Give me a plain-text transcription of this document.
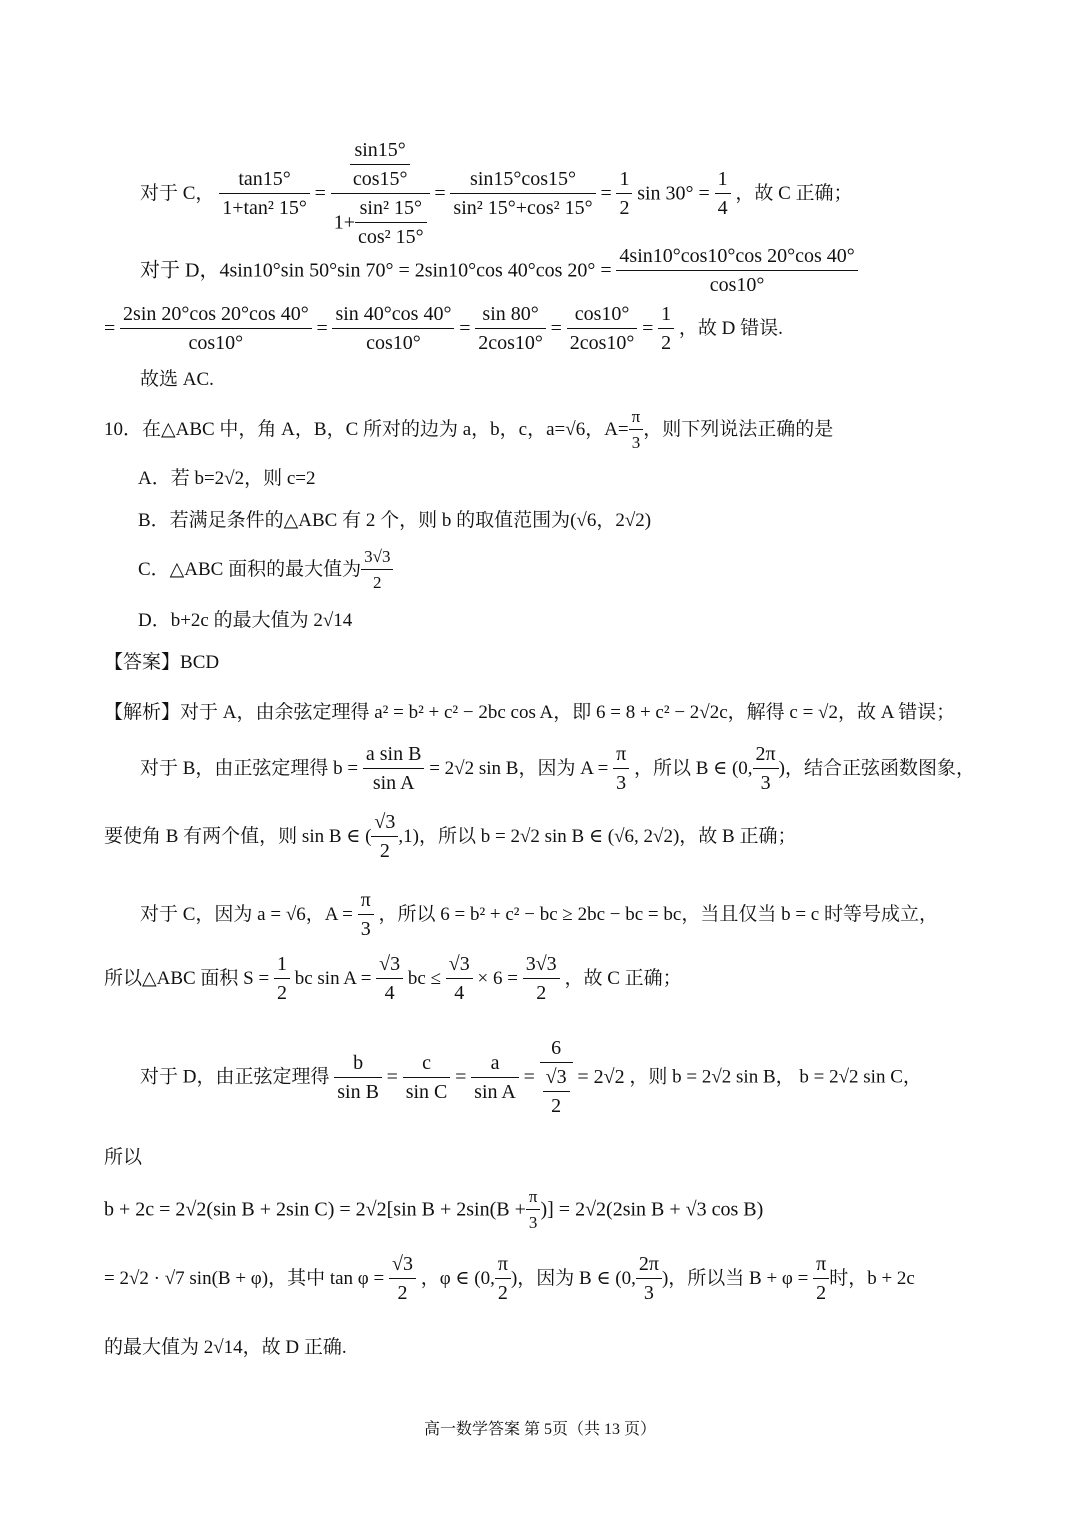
对于 C， $\frac{\tan 15^\circ}{\text{1+tan² 15°}} = \frac{\frac{\sin 15^\circ}{\cos 15^\circ}}{1+ \frac{\text{sin² 15°}}{\text{cos² 15°}}} = \frac{\sin 15^\circ\cos 15^\circ}{\text{sin² 15°+cos² 15°}} = \frac{1}{2}$ $\sin 30^\circ = \frac{1}{4}$ ，故 C 正确；
对于 D，4sin10°sin 50°sin 70° = 2sin10°cos 40°cos $20^\circ = \frac{4\sin 10^\circ\cos 10^\circ\cos 20^\circ\cos 40^\circ}{\cos 10^\circ}$
= $\frac{2\sin 20^\circ\cos 20^\circ\cos 40^\circ}{\cos 10^\circ} = \frac{\sin 40^\circ\cos 40^\circ}{\cos 10^\circ} = \frac{\sin 80^\circ}{2\cos 10^\circ} = \frac{\cos 10^\circ}{2\cos 10^\circ} = \frac{1}{2}$ ，故 D 错误.
故选 AC.
10．在△ABC 中，角 A，B，C 所对的边为 a，b，c，a=√6，$A= \frac{\pi}{3}$ ，则下列说法正确的是
A．若 b=2√2，则 c=2
B．若满足条件的△ABC 有 2 个，则 b 的取值范围为(√6，2√2)
C．△ABC 面积的最大值为 $\frac{3√3}{2}$
D．b+2c 的最大值为 2√14
【答案】BCD
【解析】对于 A，由余弦定理得 a² = b² + c² − 2bc cos A，即 6 = 8 + c² − 2√2c，解得 c = √2，故 A 错误；
对于 B，由正弦定理得 $b = \frac{\text{a sin B}}{\text{sin A}} = 2√2$ sin B，因为 $A = \frac{\pi}{3}$ ，所以 B ∈ (0, $\frac{2\pi}{3}$ )，结合正弦函数图象，
要使角 B 有两个值，则 sin B ∈ ( $\frac{√3}{2} ,1$)，所以 b = 2√2 sin B ∈ (√6, 2√2)，故 B 正确；
对于 C，因为 a = √6，$A = \frac{\pi}{3}$ ，所以 6 = b² + c² − bc ≥ 2bc − bc = bc，当且仅当 b = c 时等号成立，
所以△ABC 面积 $S = \frac{1}{2}$ bc $\sin A = \frac{√3}{4}$ bc ≤ $\frac{√3}{4} \times 6 = \frac{3√3}{2}$ ，故 C 正确；
对于 D，由正弦定理得 $\frac{b}{\text{sin B}} = \frac{c}{\text{sin C}} = \frac{a}{\text{sin A}} = \frac{6}{\frac{√3}{2}} = 2√2$ ，则 b = 2√2 sin B， b = 2√2 sin C，
所以
b + 2c = 2√2(sin B + 2sin C) = 2√2[sin $B + 2\sin(B + \frac{\pi}{3}$ )] = 2√2(2sin B + √3 cos B)
= 2√2 · √7 sin(B + φ)，其中 $\tan \varphi = \frac{√3}{2}$ ，φ ∈ (0, $\frac{\pi}{2}$ )，因为 B ∈ (0, $\frac{2\pi}{3}$ )，所以当 $B + \varphi = \frac{\pi}{2}$ 时，b + 2c
的最大值为 2√14，故 D 正确.
高一数学答案 第 5页（共 13 页）
